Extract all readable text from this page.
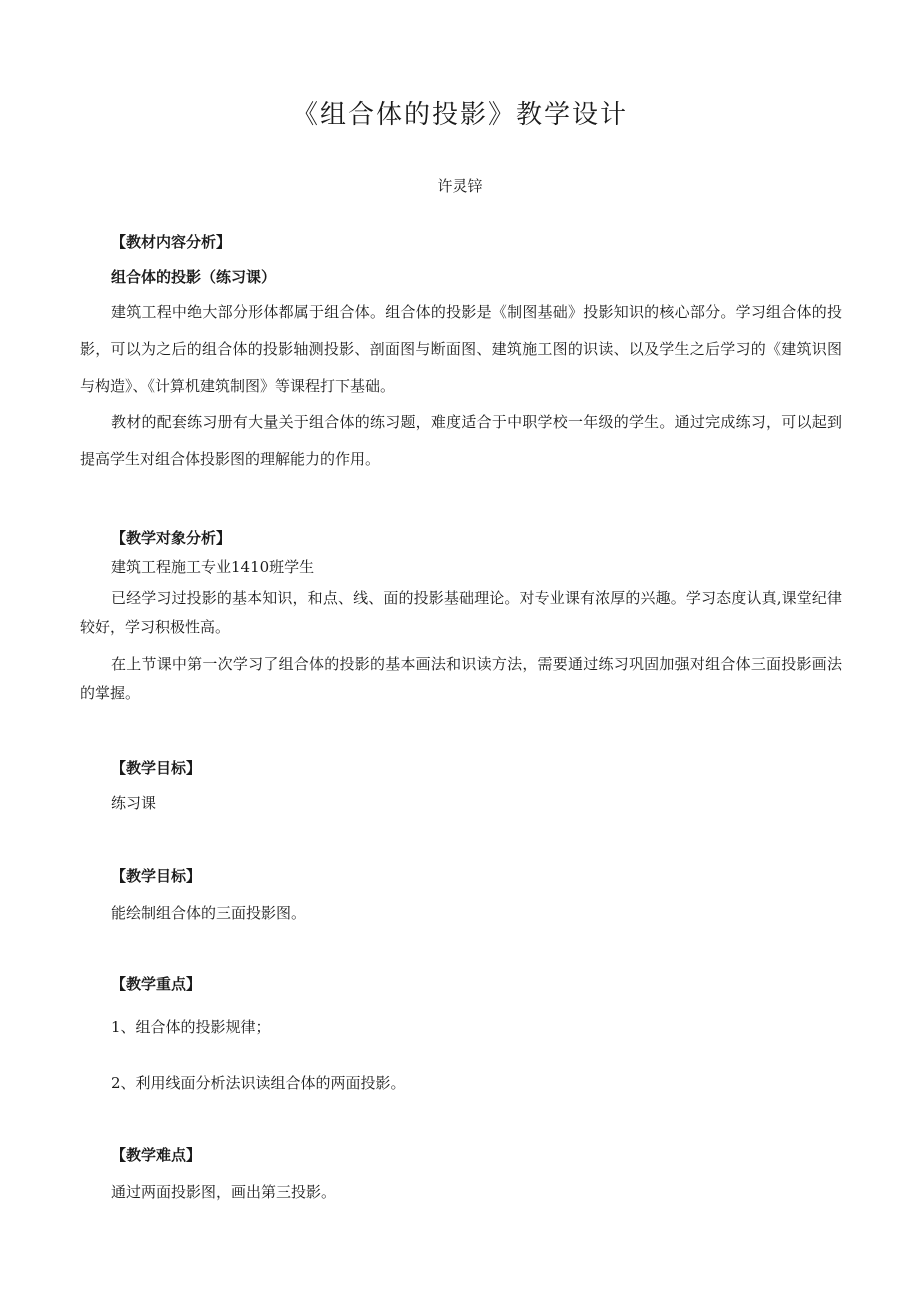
《组合体的投影》教学设计
许灵锌
【教材内容分析】
组合体的投影（练习课）
建筑工程中绝大部分形体都属于组合体。组合体的投影是《制图基础》投影知识的核心部分。学习组合体的投影，可以为之后的组合体的投影轴测投影、剖面图与断面图、建筑施工图的识读、以及学生之后学习的《建筑识图与构造》、《计算机建筑制图》等课程打下基础。
教材的配套练习册有大量关于组合体的练习题，难度适合于中职学校一年级的学生。通过完成练习，可以起到提高学生对组合体投影图的理解能力的作用。
【教学对象分析】
建筑工程施工专业1410班学生
已经学习过投影的基本知识，和点、线、面的投影基础理论。对专业课有浓厚的兴趣。学习态度认真,课堂纪律较好，学习积极性高。
在上节课中第一次学习了组合体的投影的基本画法和识读方法，需要通过练习巩固加强对组合体三面投影画法的掌握。
【教学目标】
练习课
【教学目标】
能绘制组合体的三面投影图。
【教学重点】
1、组合体的投影规律；
2、利用线面分析法识读组合体的两面投影。
【教学难点】
通过两面投影图，画出第三投影。
